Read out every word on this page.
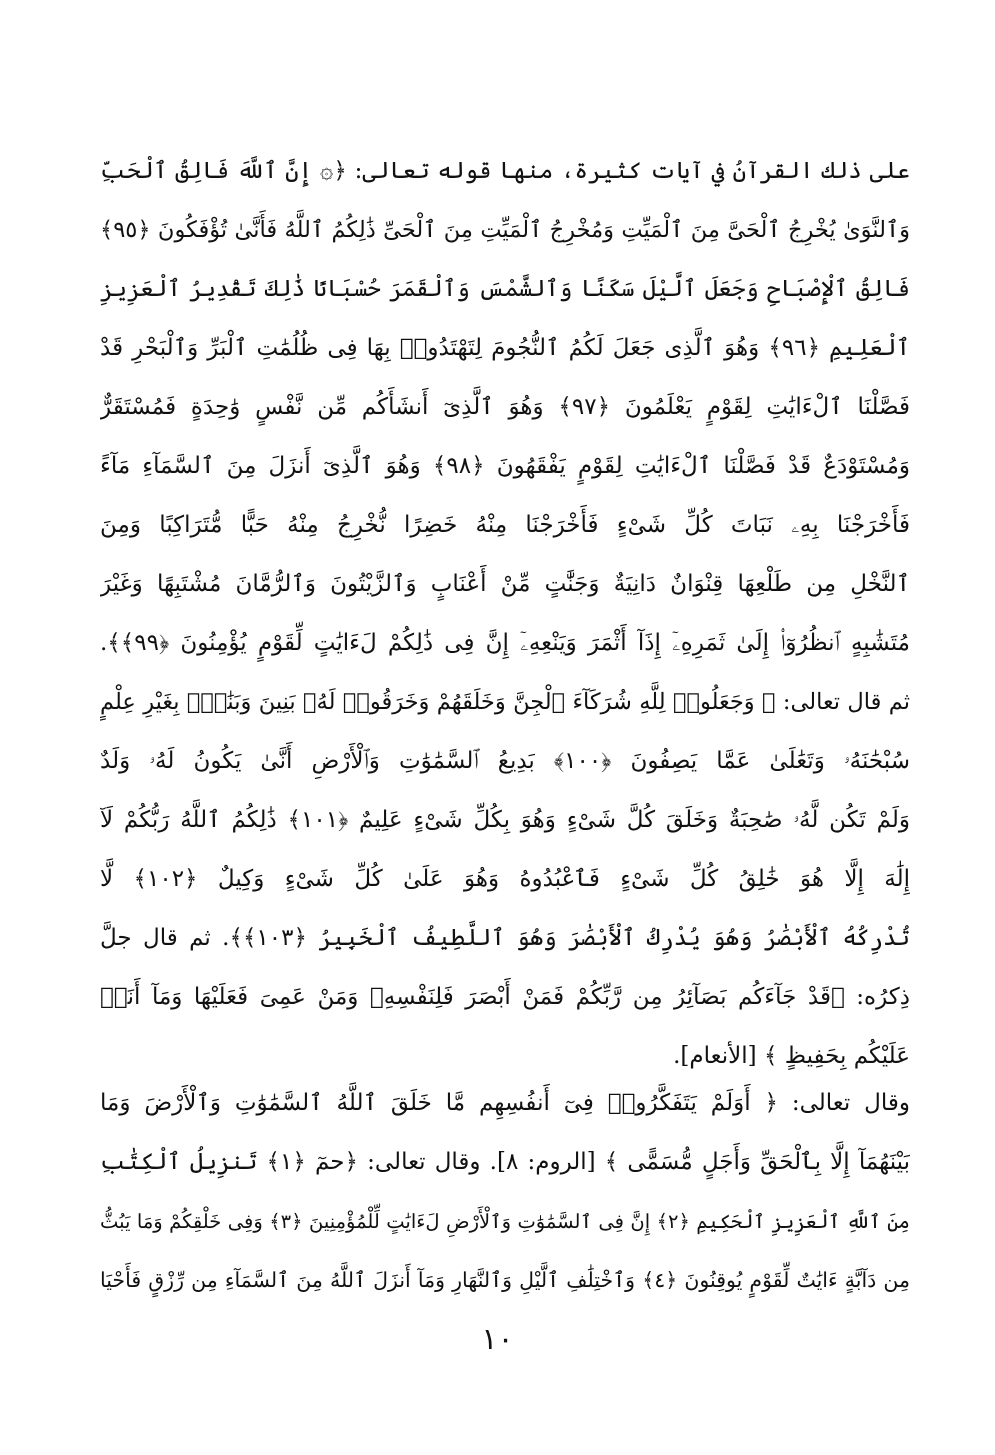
على ذلك القرآنُ في آيات كثيرة، منها قوله تعالى: ﴿۞ إِنَّ ٱللَّهَ فَالِقُ ٱلْحَبِّ
وَٱلنَّوَىٰ يُخْرِجُ ٱلْحَىَّ مِنَ ٱلْمَيِّتِ وَمُخْرِجُ ٱلْمَيِّتِ مِنَ ٱلْحَىِّ ذَٰلِكُمُ ٱللَّهُ فَأَنَّىٰ تُؤْفَكُونَ ﴿٩٥﴾
فَالِقُ ٱلْإِصْبَاحِ وَجَعَلَ ٱلَّيْلَ سَكَنًا وَٱلشَّمْسَ وَٱلْقَمَرَ حُسْبَانًا ذَٰلِكَ تَقْدِيرُ ٱلْعَزِيزِ
ٱلْعَلِيمِ ﴿٩٦﴾ وَهُوَ ٱلَّذِى جَعَلَ لَكُمُ ٱلنُّجُومَ لِتَهْتَدُوا۟ بِهَا فِى ظُلُمَٰتِ ٱلْبَرِّ وَٱلْبَحْرِ قَدْ
فَصَّلْنَا ٱلْءَايَٰتِ لِقَوْمٍ يَعْلَمُونَ ﴿٩٧﴾ وَهُوَ ٱلَّذِىٓ أَنشَأَكُم مِّن نَّفْسٍ وَٰحِدَةٍ فَمُسْتَقَرٌّ
وَمُسْتَوْدَعٌ قَدْ فَصَّلْنَا ٱلْءَايَٰتِ لِقَوْمٍ يَفْقَهُونَ ﴿٩٨﴾ وَهُوَ ٱلَّذِىٓ أَنزَلَ مِنَ ٱلسَّمَآءِ مَآءً
فَأَخْرَجْنَا بِهِۦ نَبَاتَ كُلِّ شَىْءٍ فَأَخْرَجْنَا مِنْهُ خَضِرًا نُّخْرِجُ مِنْهُ حَبًّا مُّتَرَاكِبًا وَمِنَ
ٱلنَّخْلِ مِن طَلْعِهَا قِنْوَانٌ دَانِيَةٌ وَجَنَّٰتٍ مِّنْ أَعْنَابٍ وَٱلزَّيْتُونَ وَٱلرُّمَّانَ مُشْتَبِهًا وَغَيْرَ
مُتَشَٰبِهٍ ٱنظُرُوٓا۟ إِلَىٰ ثَمَرِهِۦٓ إِذَآ أَثْمَرَ وَيَنْعِهِۦٓ إِنَّ فِى ذَٰلِكُمْ لَءَايَٰتٍ لِّقَوْمٍ يُؤْمِنُونَ ﴿٩٩﴾﴾.
ثم قال تعالى: ﴿ وَجَعَلُوا۟ لِلَّهِ شُرَكَآءَ ٱلْجِنَّ وَخَلَقَهُمْ وَخَرَقُوا۟ لَهُۥ بَنِينَ وَبَنَٰتٍۭ بِغَيْرِ عِلْمٍ
سُبْحَٰنَهُۥ وَتَعَٰلَىٰ عَمَّا يَصِفُونَ ﴿١٠٠﴾ بَدِيعُ ٱلسَّمَٰوَٰتِ وَٱلْأَرْضِ أَنَّىٰ يَكُونُ لَهُۥ وَلَدٌ
وَلَمْ تَكُن لَّهُۥ صَٰحِبَةٌ وَخَلَقَ كُلَّ شَىْءٍ وَهُوَ بِكُلِّ شَىْءٍ عَلِيمٌ ﴿١٠١﴾ ذَٰلِكُمُ ٱللَّهُ رَبُّكُمْ لَآ
إِلَٰهَ إِلَّا هُوَ خَٰلِقُ كُلِّ شَىْءٍ فَٱعْبُدُوهُ وَهُوَ عَلَىٰ كُلِّ شَىْءٍ وَكِيلٌ ﴿١٠٢﴾ لَّا
تُدْرِكُهُ ٱلْأَبْصَٰرُ وَهُوَ يُدْرِكُ ٱلْأَبْصَٰرَ وَهُوَ ٱللَّطِيفُ ٱلْخَبِيرُ ﴿١٠٣﴾﴾. ثم قال جلَّ
ذِكرُه: ﴿قَدْ جَآءَكُم بَصَآئِرُ مِن رَّبِّكُمْ فَمَنْ أَبْصَرَ فَلِنَفْسِهِۦ وَمَنْ عَمِىَ فَعَلَيْهَا وَمَآ أَنَا۠
عَلَيْكُم بِحَفِيظٍ ﴾ [الأنعام].
وقال تعالى: ﴿ أَوَلَمْ يَتَفَكَّرُوا۟ فِىٓ أَنفُسِهِم مَّا خَلَقَ ٱللَّهُ ٱلسَّمَٰوَٰتِ وَٱلْأَرْضَ وَمَا
بَيْنَهُمَآ إِلَّا بِٱلْحَقِّ وَأَجَلٍ مُّسَمًّى ﴾ [الروم: ٨]. وقال تعالى: ﴿حمٓ ﴿١﴾ تَنزِيلُ ٱلْكِتَٰبِ
مِنَ ٱللَّهِ ٱلْعَزِيزِ ٱلْحَكِيمِ ﴿٢﴾ إِنَّ فِى ٱلسَّمَٰوَٰتِ وَٱلْأَرْضِ لَءَايَٰتٍ لِّلْمُؤْمِنِينَ ﴿٣﴾ وَفِى خَلْقِكُمْ وَمَا يَبُثُّ
مِن دَآبَّةٍ ءَايَٰتٌ لِّقَوْمٍ يُوقِنُونَ ﴿٤﴾ وَٱخْتِلَٰفِ ٱلَّيْلِ وَٱلنَّهَارِ وَمَآ أَنزَلَ ٱللَّهُ مِنَ ٱلسَّمَآءِ مِن رِّزْقٍ فَأَحْيَا
١٠
